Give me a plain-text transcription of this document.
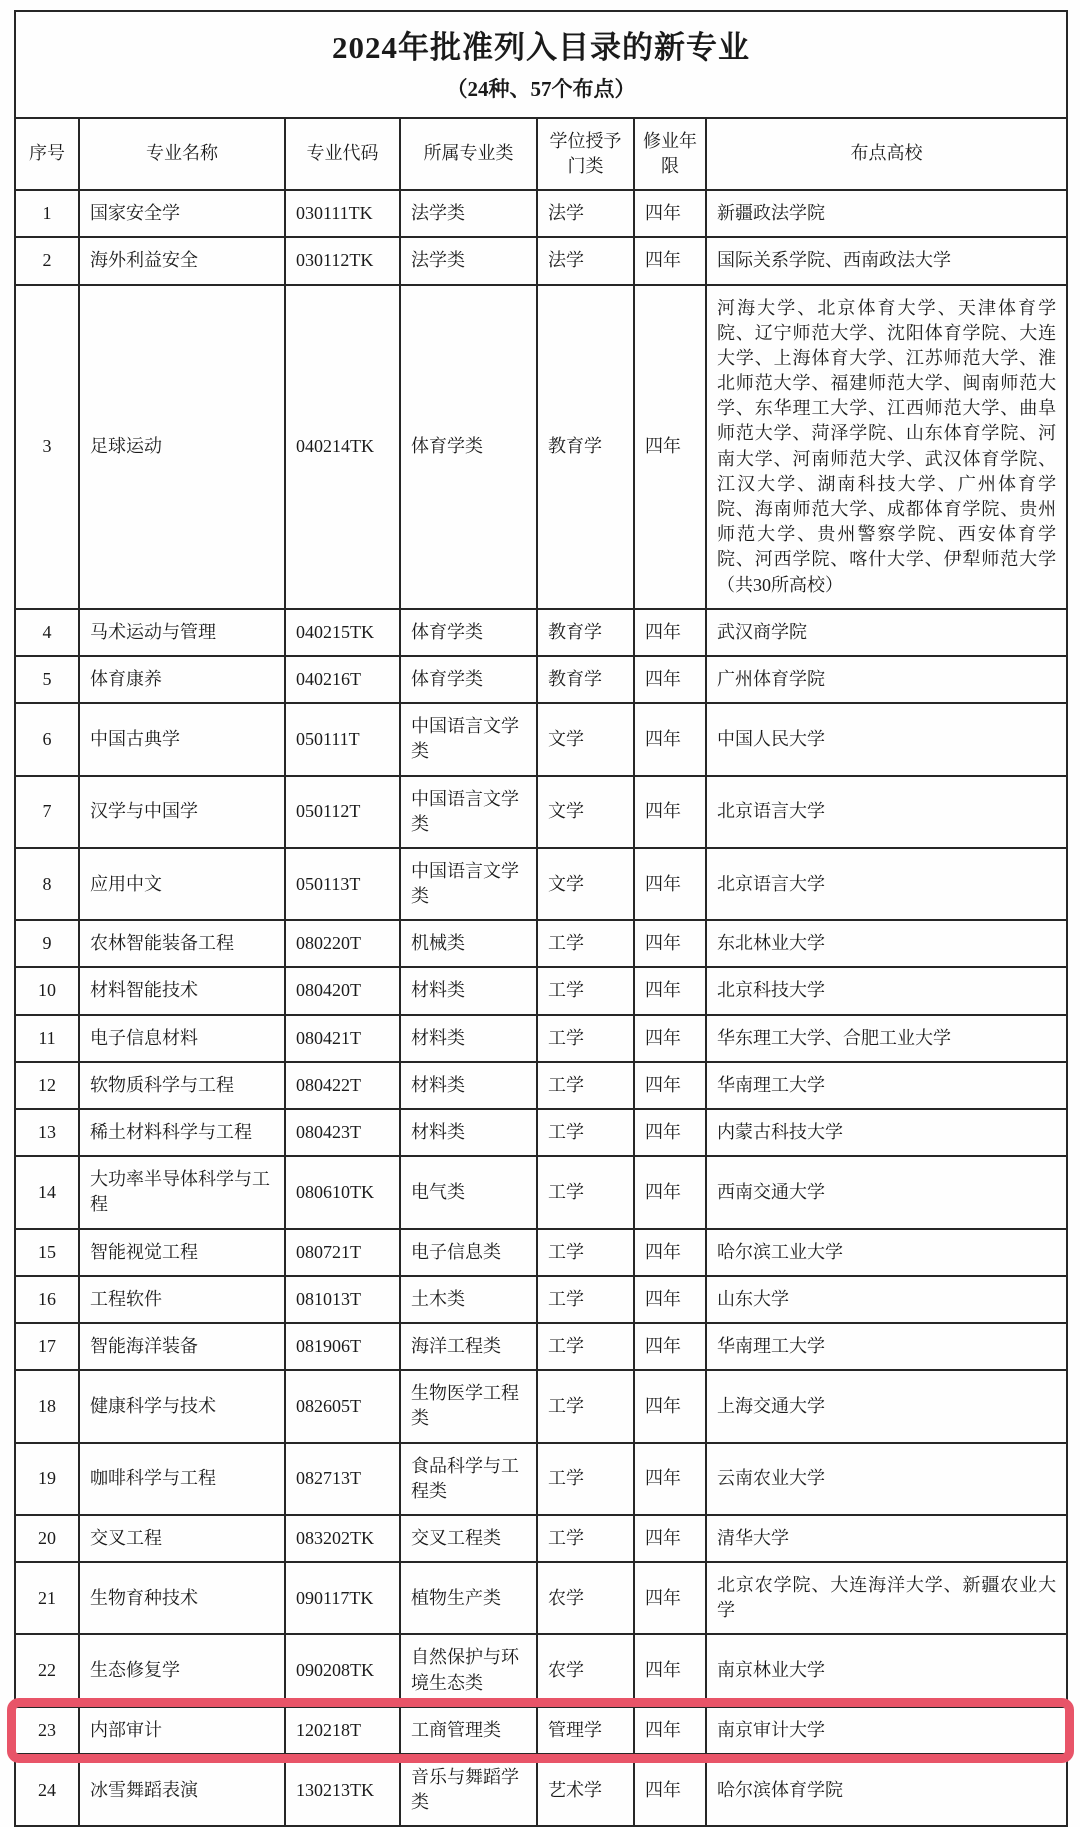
2024年批准列入目录的新专业
（24种、57个布点）						

序号	专业名称	专业代码	所属专业类	学位授予门类	修业年限	布点高校
1	国家安全学	030111TK	法学类	法学	四年	新疆政法学院
2	海外利益安全	030112TK	法学类	法学	四年	国际关系学院、西南政法大学
3	足球运动	040214TK	体育学类	教育学	四年	河海大学、北京体育大学、天津体育学院、辽宁师范大学、沈阳体育学院、大连大学、上海体育大学、江苏师范大学、淮北师范大学、福建师范大学、闽南师范大学、东华理工大学、江西师范大学、曲阜师范大学、菏泽学院、山东体育学院、河南大学、河南师范大学、武汉体育学院、江汉大学、湖南科技大学、广州体育学院、海南师范大学、成都体育学院、贵州师范大学、贵州警察学院、西安体育学院、河西学院、喀什大学、伊犁师范大学（共30所高校）
4	马术运动与管理	040215TK	体育学类	教育学	四年	武汉商学院
5	体育康养	040216T	体育学类	教育学	四年	广州体育学院
6	中国古典学	050111T	中国语言文学类	文学	四年	中国人民大学
7	汉学与中国学	050112T	中国语言文学类	文学	四年	北京语言大学
8	应用中文	050113T	中国语言文学类	文学	四年	北京语言大学
9	农林智能装备工程	080220T	机械类	工学	四年	东北林业大学
10	材料智能技术	080420T	材料类	工学	四年	北京科技大学
11	电子信息材料	080421T	材料类	工学	四年	华东理工大学、合肥工业大学
12	软物质科学与工程	080422T	材料类	工学	四年	华南理工大学
13	稀土材料科学与工程	080423T	材料类	工学	四年	内蒙古科技大学
14	大功率半导体科学与工程	080610TK	电气类	工学	四年	西南交通大学
15	智能视觉工程	080721T	电子信息类	工学	四年	哈尔滨工业大学
16	工程软件	081013T	土木类	工学	四年	山东大学
17	智能海洋装备	081906T	海洋工程类	工学	四年	华南理工大学
18	健康科学与技术	082605T	生物医学工程类	工学	四年	上海交通大学
19	咖啡科学与工程	082713T	食品科学与工程类	工学	四年	云南农业大学
20	交叉工程	083202TK	交叉工程类	工学	四年	清华大学
21	生物育种技术	090117TK	植物生产类	农学	四年	北京农学院、大连海洋大学、新疆农业大学
22	生态修复学	090208TK	自然保护与环境生态类	农学	四年	南京林业大学
23	内部审计	120218T	工商管理类	管理学	四年	南京审计大学
24	冰雪舞蹈表演	130213TK	音乐与舞蹈学类	艺术学	四年	哈尔滨体育学院
